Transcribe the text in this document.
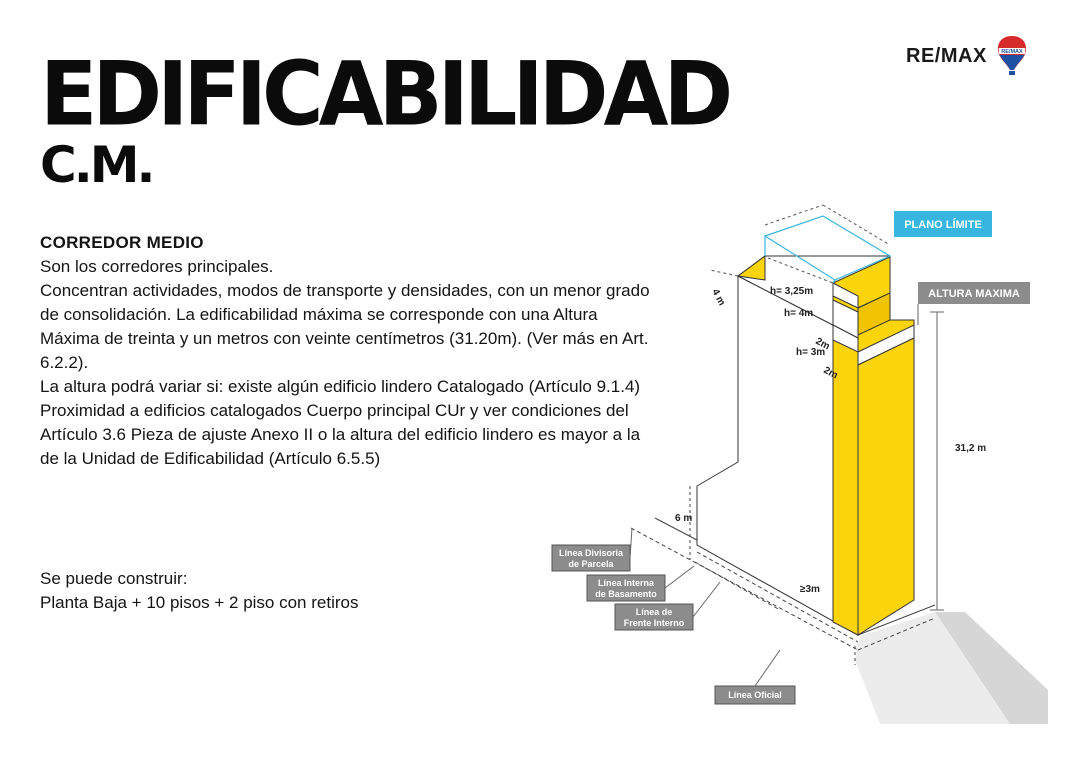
RE/MAX	RE/MAX
EDIFICABILIDAD
C.M.

CORREDOR MEDIO

Son los corredores principales.

Concentran actividades, modos de transporte y densidades, con un menor grado de consolidación. La edificabilidad máxima se corresponde con una Altura Máxima de treinta y un metros con veinte centímetros (31.20m). (Ver más en Art. 6.2.2).

La altura podrá variar si: existe algún edificio lindero Catalogado (Artículo 9.1.4) Proximidad a edificios catalogados Cuerpo principal CUr y ver condiciones del Artículo 3.6 Pieza de ajuste Anexo II o la altura del edificio lindero es mayor a la de la Unidad de Edificabilidad (Artículo 6.5.5)

Se puede construir:

Planta Baja + 10 pisos + 2 piso con retiros

h= 3,25m
h= 4m
2m
h= 3m
2m
4 m
31,2 m
6 m
≥3m
PLANO LÍMITE
ALTURA MAXIMA
Línea Divisoria
de Parcela
Línea Interna
de Basamento
Línea de
Frente Interno
Línea Oficial
